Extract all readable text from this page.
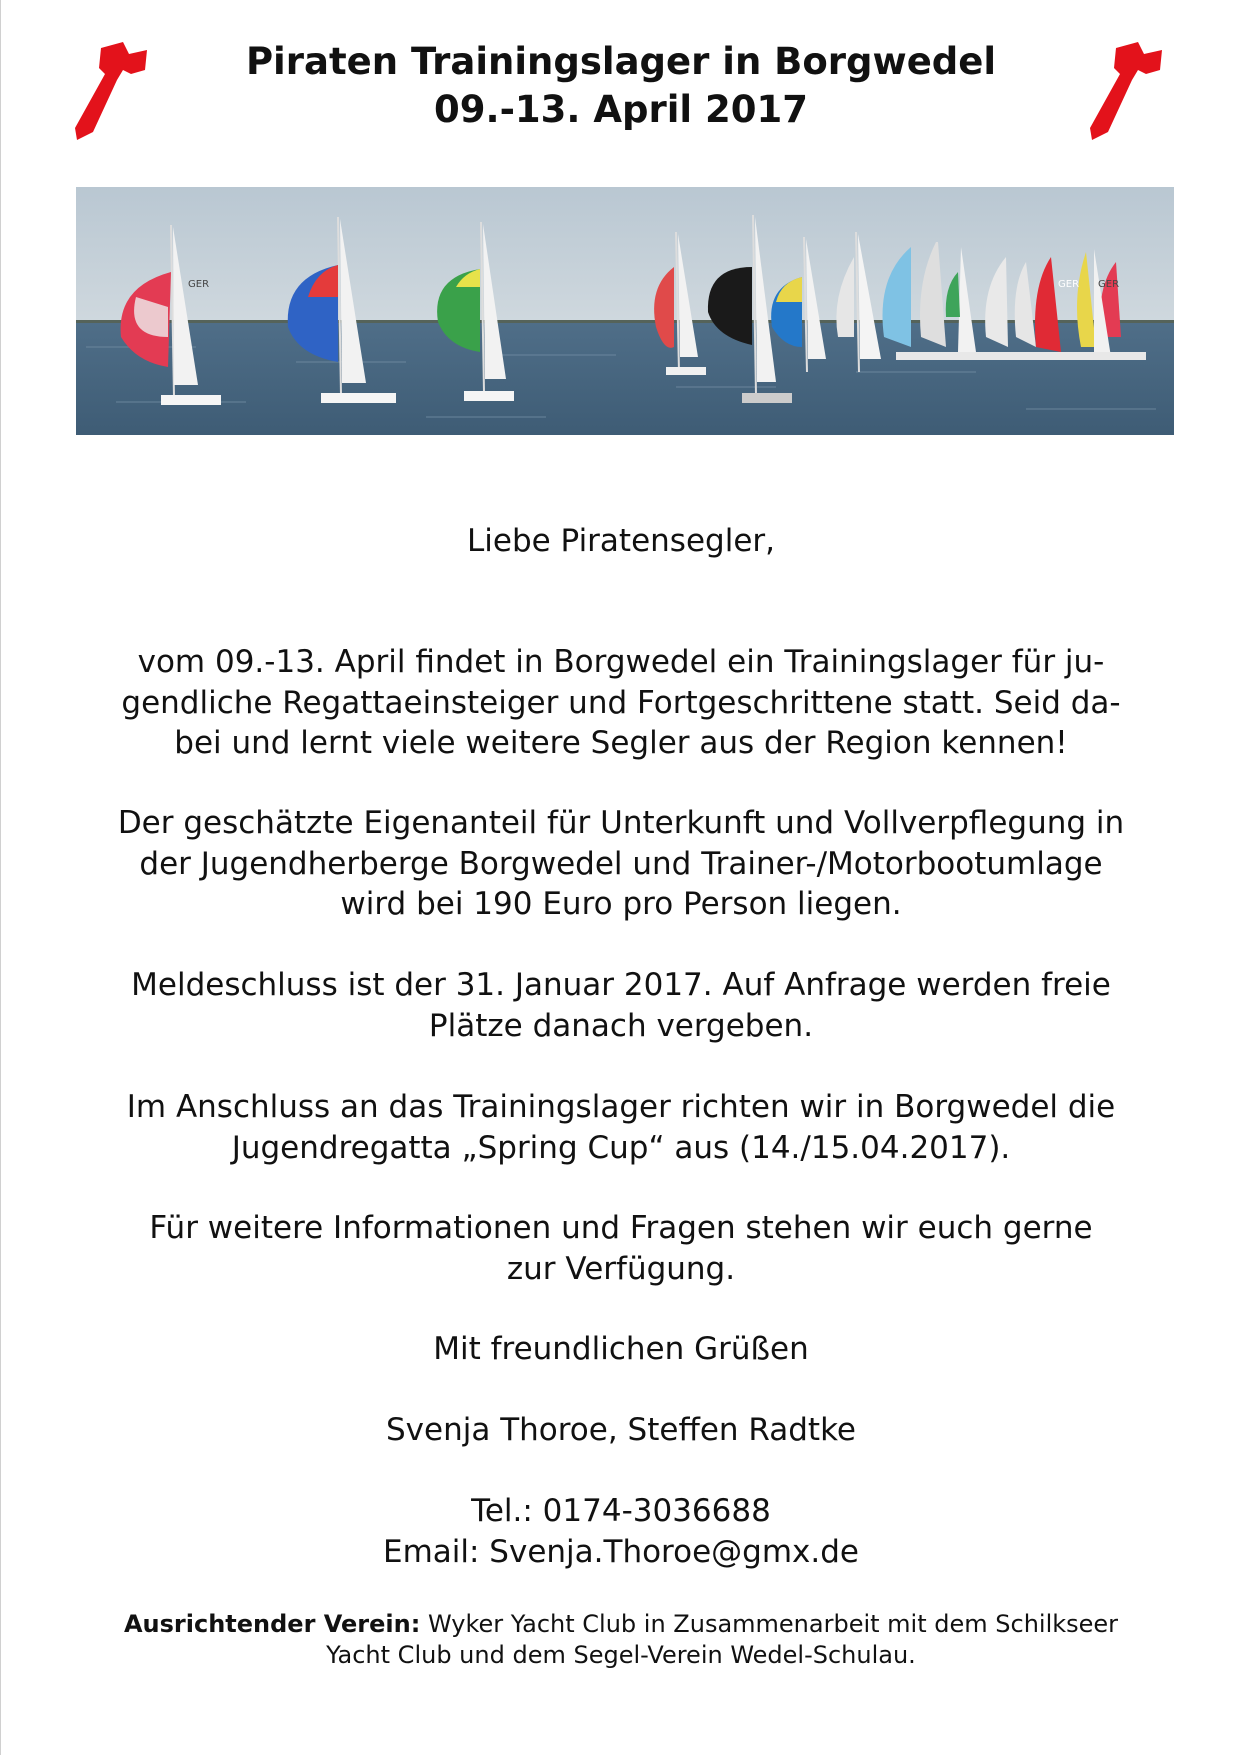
Piraten Trainingslager in Borgwedel
09.-13. April 2017
GER	GER
GER

Liebe Piratensegler,

vom 09.-13. April findet in Borgwedel ein Trainingslager für ju-

gendliche Regattaeinsteiger und Fortgeschrittene statt. Seid da-

bei und lernt viele weitere Segler aus der Region kennen!

Der geschätzte Eigenanteil für Unterkunft und Vollverpflegung in

der Jugendherberge Borgwedel und Trainer-/Motorbootumlage

wird bei 190 Euro pro Person liegen.

Meldeschluss ist der 31. Januar 2017. Auf Anfrage werden freie

Plätze danach vergeben.

Im Anschluss an das Trainingslager richten wir in Borgwedel die

Jugendregatta „Spring Cup“ aus (14./15.04.2017).

Für weitere Informationen und Fragen stehen wir euch gerne

zur Verfügung.

Mit freundlichen Grüßen

Svenja Thoroe, Steffen Radtke

Tel.: 0174-3036688

Email: Svenja.Thoroe@gmx.de

Ausrichtender Verein: Wyker Yacht Club in Zusammenarbeit mit dem Schilkseer
Yacht Club und dem Segel-Verein Wedel-Schulau.
